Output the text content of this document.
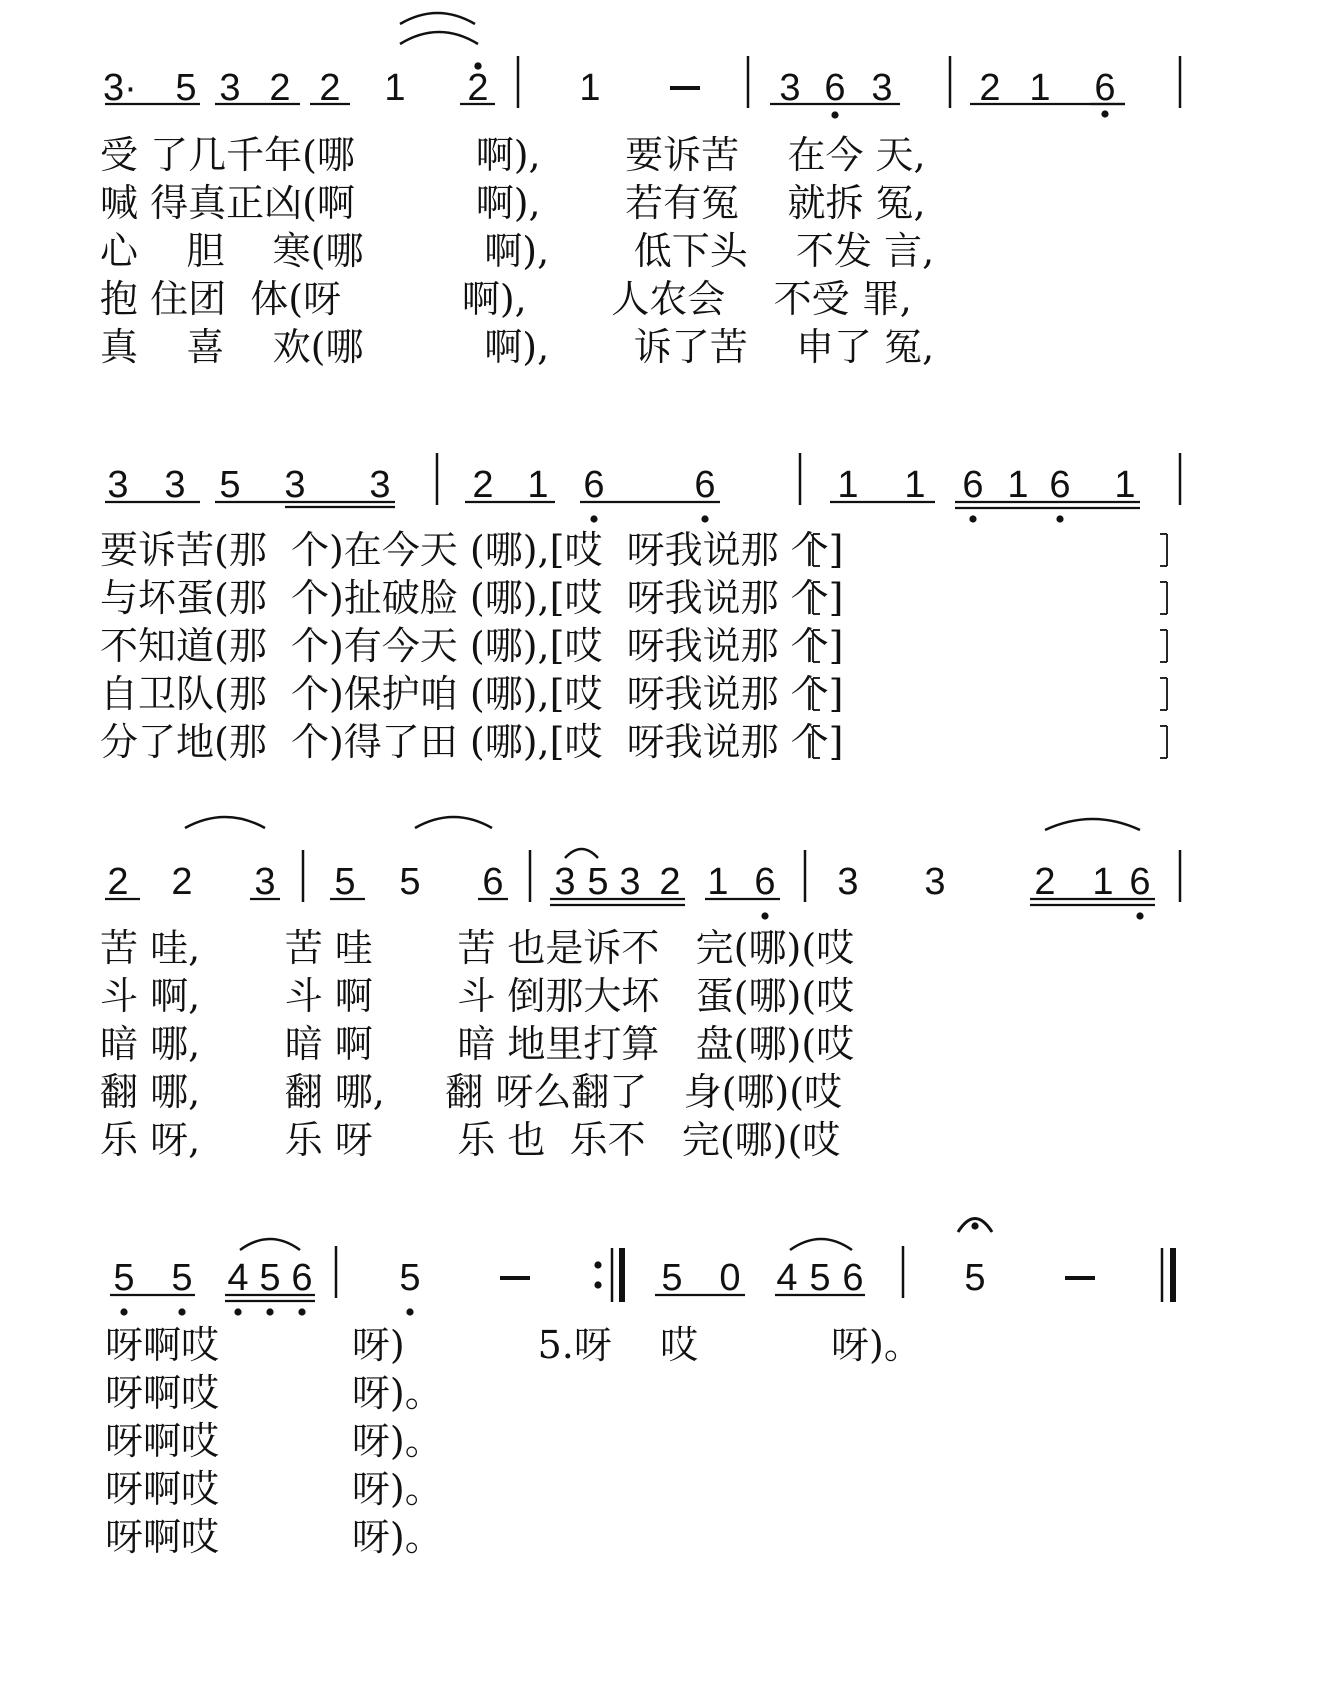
3· 5 3 2 2 1 2 1	3 6 3 2 1 6
受 了几千年(哪          啊),       要诉苦    在今 天,
喊 得真正凶(啊          啊),       若有冤    就拆 冤,
心    胆    寒(哪          啊),       低下头    不发 言,
抱 住团  体(呀          啊),       人农会    不受 罪,
真    喜    欢(哪          啊),       诉了苦    申了 冤,
3 3 5 3 3 2 1 6 6	1 1 6 1 6 1
要诉苦(那  个)在今天 (哪),[哎  呀我说那 个]
与坏蛋(那  个)扯破脸 (哪),[哎  呀我说那 个]
不知道(那  个)有今天 (哪),[哎  呀我说那 个]
自卫队(那  个)保护咱 (哪),[哎  呀我说那 个]
分了地(那  个)得了田 (哪),[哎  呀我说那 个]
2 2 3 5 5 6 3 5 3 2 1 6 3 3 2 1 6
苦 哇,       苦 哇       苦 也是诉不   完(哪)(哎
斗 啊,       斗 啊       斗 倒那大坏   蛋(哪)(哎
暗 哪,       暗 啊       暗 地里打算   盘(哪)(哎
翻 哪,       翻 哪,     翻 呀么翻了   身(哪)(哎
乐 呀,       乐 呀       乐 也  乐不   完(哪)(哎
5 5 4 5 6 5	5 0 4 5 6	5
呀啊哎           呀)           5.呀    哎           呀)。
呀啊哎           呀)。
呀啊哎           呀)。
呀啊哎           呀)。
呀啊哎           呀)。
